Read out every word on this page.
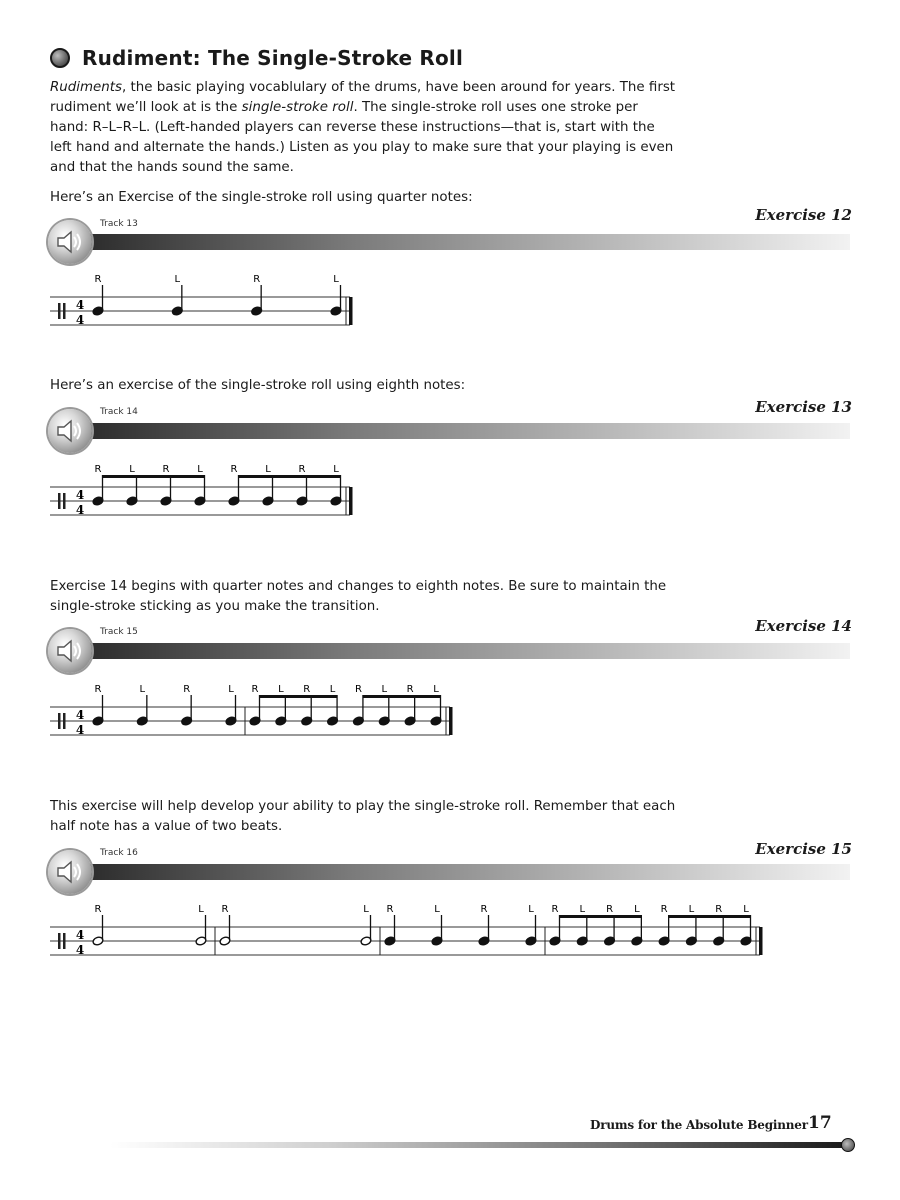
Rudiment: The Single-Stroke Roll

Rudiments, the basic playing vocablulary of the drums, have been around for years. The first rudiment we’ll look at is the single-stroke roll. The single-stroke roll uses one stroke per hand: R–L–R–L. (Left-handed players can reverse these instructions—that is, start with the left hand and alternate the hands.) Listen as you play to make sure that your playing is even and that the hands sound the same.

Here’s an Exercise of the single-stroke roll using quarter notes:

Exercise 12
Track 13
4
4
R	L	R	L

Here’s an exercise of the single-stroke roll using eighth notes:

Exercise 13
Track 14
4
4
R	L	R	L	R	L	R	L

Exercise 14 begins with quarter notes and changes to eighth notes. Be sure to maintain the single-stroke sticking as you make the transition.

Exercise 14
Track 15
4
4
R	L	R	L R L R L R L R L

This exercise will help develop your ability to play the single-stroke roll. Remember that each half note has a value of two beats.

Exercise 15
Track 16
4
4
R	L R	L R	L	R	L R L R L R L R L
Drums for the Absolute Beginner 17
